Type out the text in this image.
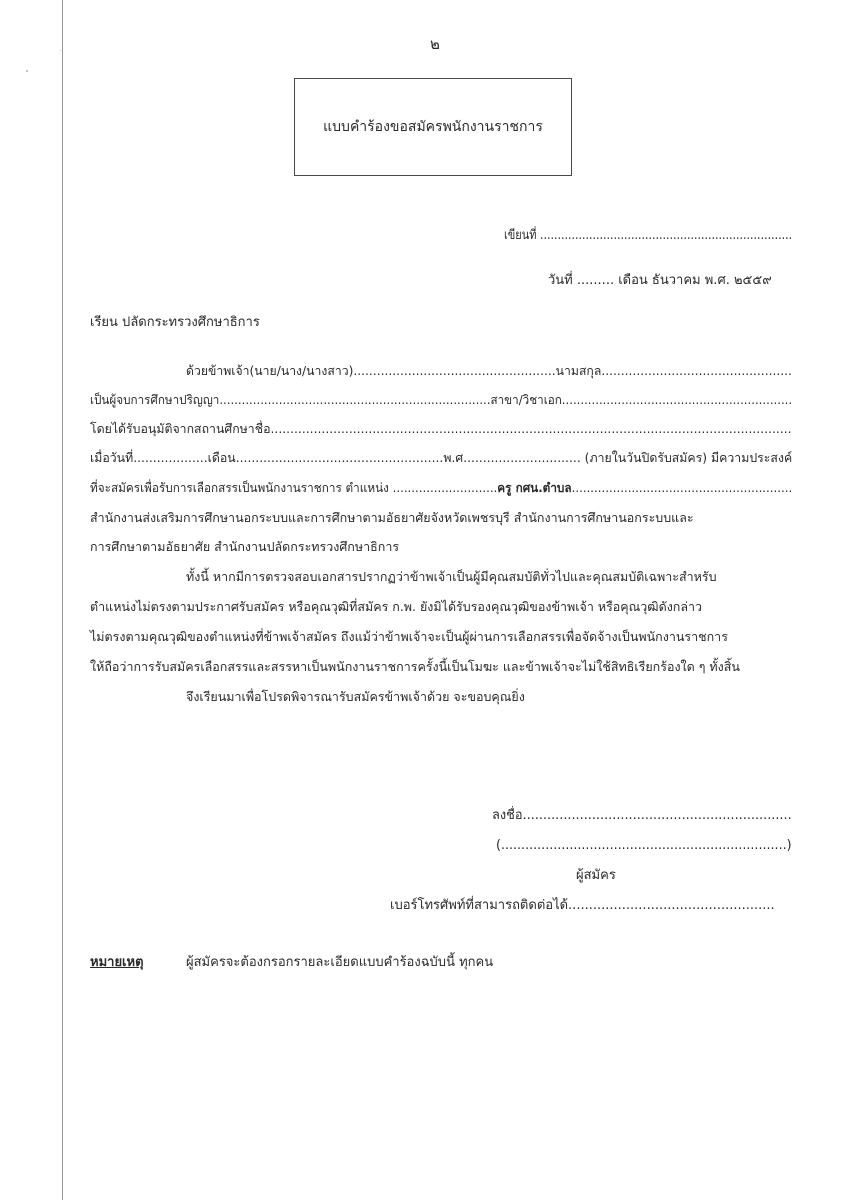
๒
แบบคำร้องขอสมัครพนักงานราชการ
เขียนที่ ........................................................................
วันที่ ......... เดือน ธันวาคม พ.ศ. ๒๕๕๙
เรียน ปลัดกระทรวงศึกษาธิการ
ด้วยข้าพเจ้า(นาย/นาง/นางสาว)....................................................นามสกุล.................................................
เป็นผู้จบการศึกษาปริญญา.........................................................................สาขา/วิชาเอก..............................................................
โดยได้รับอนุมัติจากสถานศึกษาชื่อ.....................................................................................................................................
เมื่อวันที่...................เดือน.....................................................พ.ศ.............................. (ภายในวันปิดรับสมัคร) มีความประสงค์
ที่จะสมัครเพื่อรับการเลือกสรรเป็นพนักงานราชการ ตำแหน่ง ............................ครู กศน.ตำบล...........................................................
สำนักงานส่งเสริมการศึกษานอกระบบและการศึกษาตามอัธยาศัยจังหวัดเพชรบุรี สำนักงานการศึกษานอกระบบและ
การศึกษาตามอัธยาศัย สำนักงานปลัดกระทรวงศึกษาธิการ
ทั้งนี้ หากมีการตรวจสอบเอกสารปรากฏว่าข้าพเจ้าเป็นผู้มีคุณสมบัติทั่วไปและคุณสมบัติเฉพาะสำหรับ
ตำแหน่งไม่ตรงตามประกาศรับสมัคร หรือคุณวุฒิที่สมัคร ก.พ. ยังมิได้รับรองคุณวุฒิของข้าพเจ้า หรือคุณวุฒิดังกล่าว
ไม่ตรงตามคุณวุฒิของตำแหน่งที่ข้าพเจ้าสมัคร ถึงแม้ว่าข้าพเจ้าจะเป็นผู้ผ่านการเลือกสรรเพื่อจัดจ้างเป็นพนักงานราชการ
ให้ถือว่าการรับสมัครเลือกสรรและสรรหาเป็นพนักงานราชการครั้งนี้เป็นโมฆะ และข้าพเจ้าจะไม่ใช้สิทธิเรียกร้องใด ๆ ทั้งสิ้น
จึงเรียนมาเพื่อโปรดพิจารณารับสมัครข้าพเจ้าด้วย จะขอบคุณยิ่ง
ลงชื่อ..................................................................
(.......................................................................)
ผู้สมัคร
เบอร์โทรศัพท์ที่สามารถติดต่อได้..................................................
หมายเหตุ	ผู้สมัครจะต้องกรอกรายละเอียดแบบคำร้องฉบับนี้ ทุกคน
